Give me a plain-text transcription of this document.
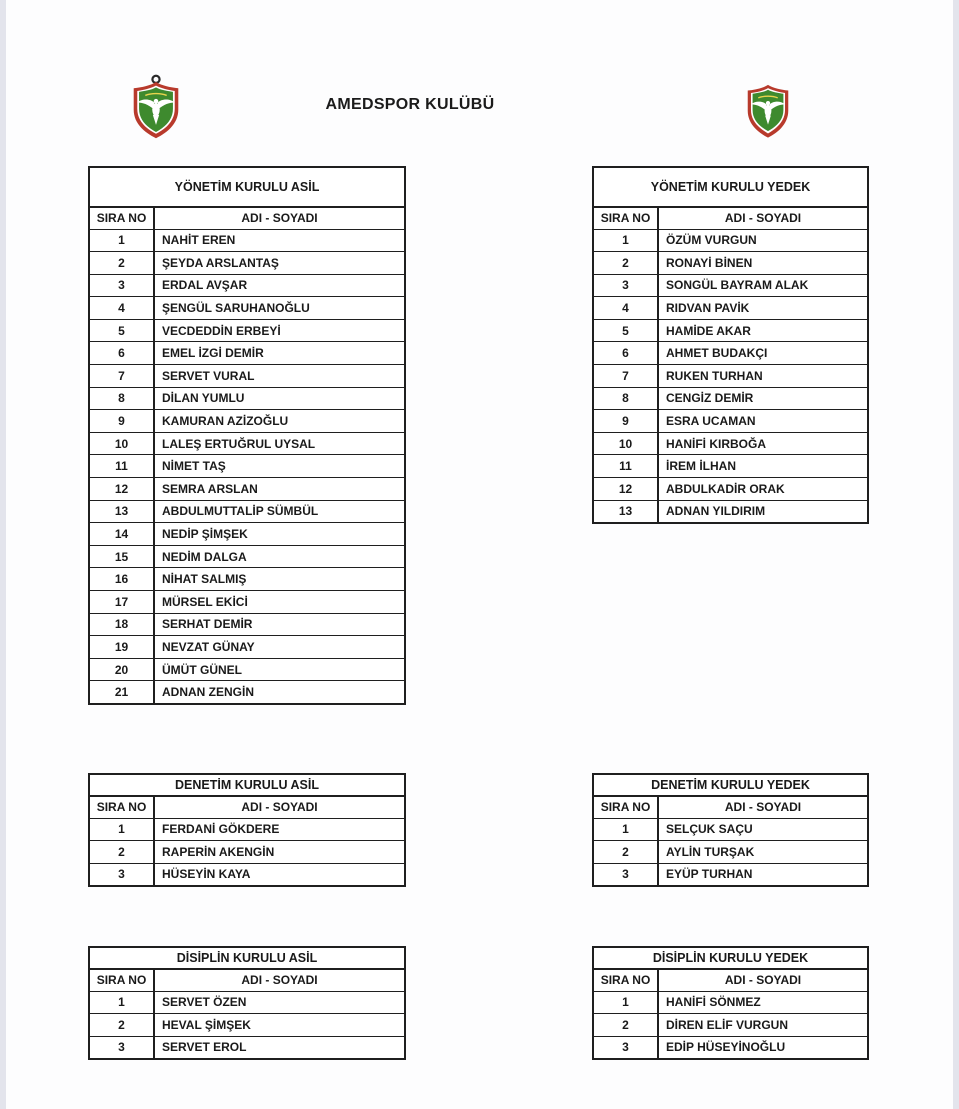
AMEDSPOR KULÜBÜ
YÖNETİM KURULU ASİL
SIRA NO	ADI - SOYADI
1	NAHİT EREN
2	ŞEYDA ARSLANTAŞ
3	ERDAL AVŞAR
4	ŞENGÜL SARUHANOĞLU
5	VECDEDDİN ERBEYİ
6	EMEL İZGİ DEMİR
7	SERVET VURAL
8	DİLAN YUMLU
9	KAMURAN AZİZOĞLU
10	LALEŞ ERTUĞRUL UYSAL
11	NİMET TAŞ
12	SEMRA ARSLAN
13	ABDULMUTTALİP SÜMBÜL
14	NEDİP ŞİMŞEK
15	NEDİM DALGA
16	NİHAT SALMIŞ
17	MÜRSEL EKİCİ
18	SERHAT DEMİR
19	NEVZAT GÜNAY
20	ÜMÜT GÜNEL
21	ADNAN ZENGİN
YÖNETİM KURULU YEDEK
SIRA NO	ADI - SOYADI
1	ÖZÜM VURGUN
2	RONAYİ BİNEN
3	SONGÜL BAYRAM ALAK
4	RIDVAN PAVİK
5	HAMİDE AKAR
6	AHMET BUDAKÇI
7	RUKEN TURHAN
8	CENGİZ DEMİR
9	ESRA UCAMAN
10	HANİFİ KIRBOĞA
11	İREM İLHAN
12	ABDULKADİR ORAK
13	ADNAN YILDIRIM
DENETİM KURULU ASİL
SIRA NO	ADI - SOYADI
1	FERDANİ GÖKDERE
2	RAPERİN AKENGİN
3	HÜSEYİN KAYA
DENETİM KURULU YEDEK
SIRA NO	ADI - SOYADI
1	SELÇUK SAÇU
2	AYLİN TURŞAK
3	EYÜP TURHAN
DİSİPLİN KURULU ASİL
SIRA NO	ADI - SOYADI
1	SERVET ÖZEN
2	HEVAL ŞİMŞEK
3	SERVET EROL
DİSİPLİN KURULU YEDEK
SIRA NO	ADI - SOYADI
1	HANİFİ SÖNMEZ
2	DİREN ELİF VURGUN
3	EDİP HÜSEYİNOĞLU
